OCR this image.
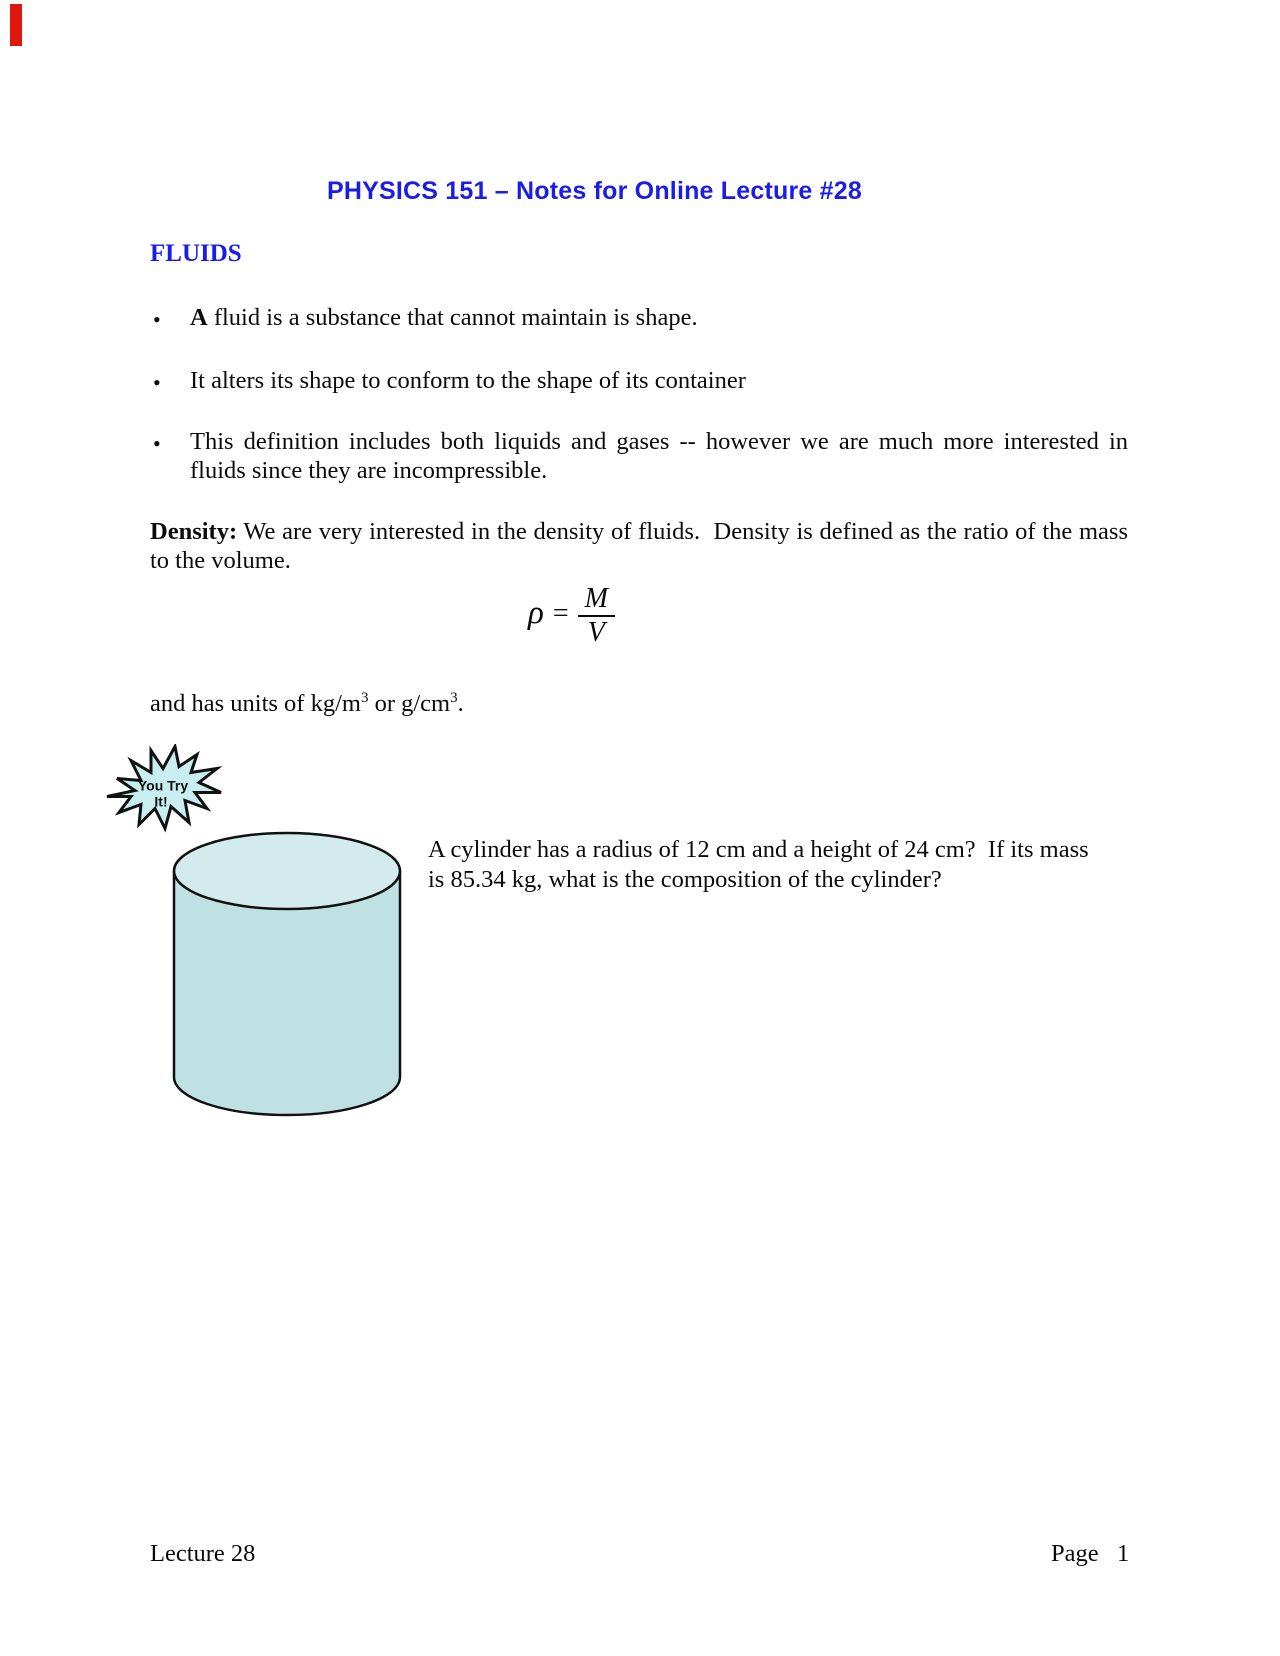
PHYSICS 151 – Notes for Online Lecture #28
FLUIDS
• A fluid is a substance that cannot maintain is shape.
• It alters its shape to conform to the shape of its container
• This definition includes both liquids and gases -- however we are much more interested in fluids since they are incompressible.
Density: We are very interested in the density of fluids.  Density is defined as the ratio of the mass to the volume.
$\rho = \frac{M}{V}$
and has units of $kg/m^3$ or $g/cm^3$.
You Try
It!
A cylinder has a radius of 12 cm and a height of 24 cm?  If its mass
is 85.34 kg, what is the composition of the cylinder?
Lecture 28	Page 1
